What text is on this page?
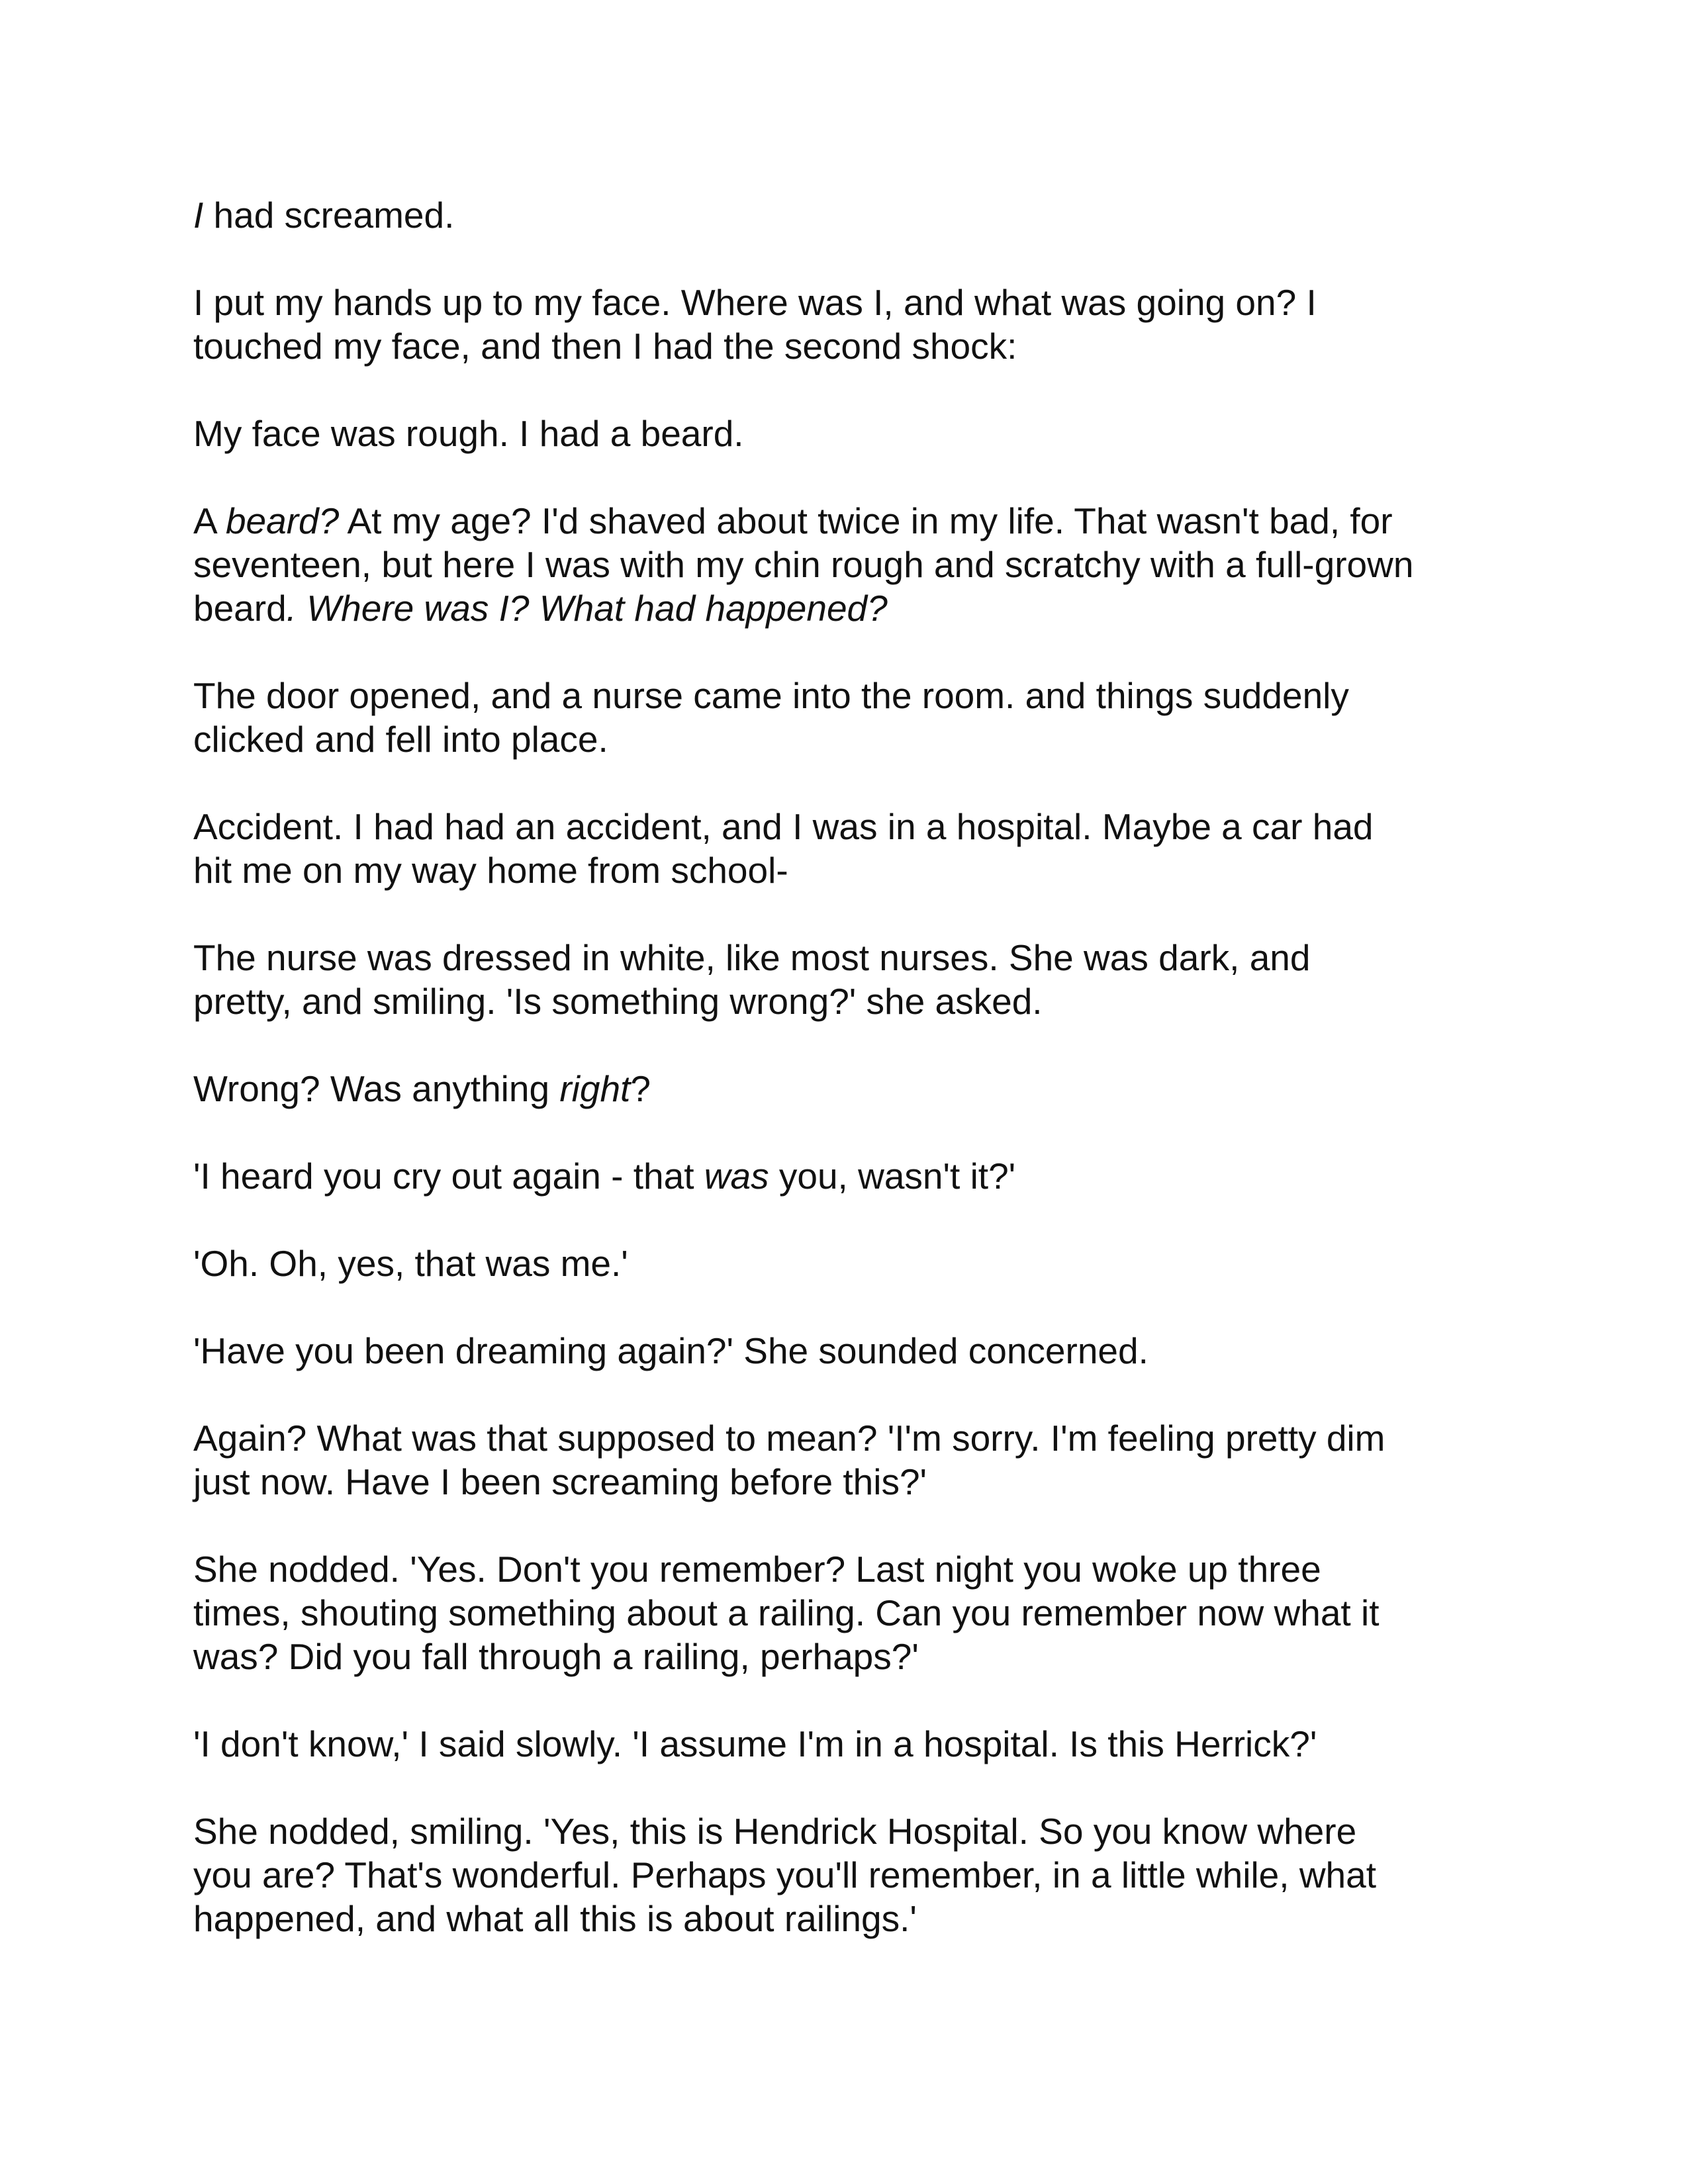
I had screamed.

I put my hands up to my face. Where was I, and what was going on? I
touched my face, and then I had the second shock:

My face was rough. I had a beard.

A beard? At my age? I'd shaved about twice in my life. That wasn't bad, for
seventeen, but here I was with my chin rough and scratchy with a full-grown
beard. Where was I? What had happened?

The door opened, and a nurse came into the room. and things suddenly
clicked and fell into place.

Accident. I had had an accident, and I was in a hospital. Maybe a car had
hit me on my way home from school-

The nurse was dressed in white, like most nurses. She was dark, and
pretty, and smiling. 'Is something wrong?' she asked.

Wrong? Was anything right?

'I heard you cry out again - that was you, wasn't it?'

'Oh. Oh, yes, that was me.'

'Have you been dreaming again?' She sounded concerned.

Again? What was that supposed to mean? 'I'm sorry. I'm feeling pretty dim
just now. Have I been screaming before this?'

She nodded. 'Yes. Don't you remember? Last night you woke up three
times, shouting something about a railing. Can you remember now what it
was? Did you fall through a railing, perhaps?'

'I don't know,' I said slowly. 'I assume I'm in a hospital. Is this Herrick?'

She nodded, smiling. 'Yes, this is Hendrick Hospital. So you know where
you are? That's wonderful. Perhaps you'll remember, in a little while, what
happened, and what all this is about railings.'
